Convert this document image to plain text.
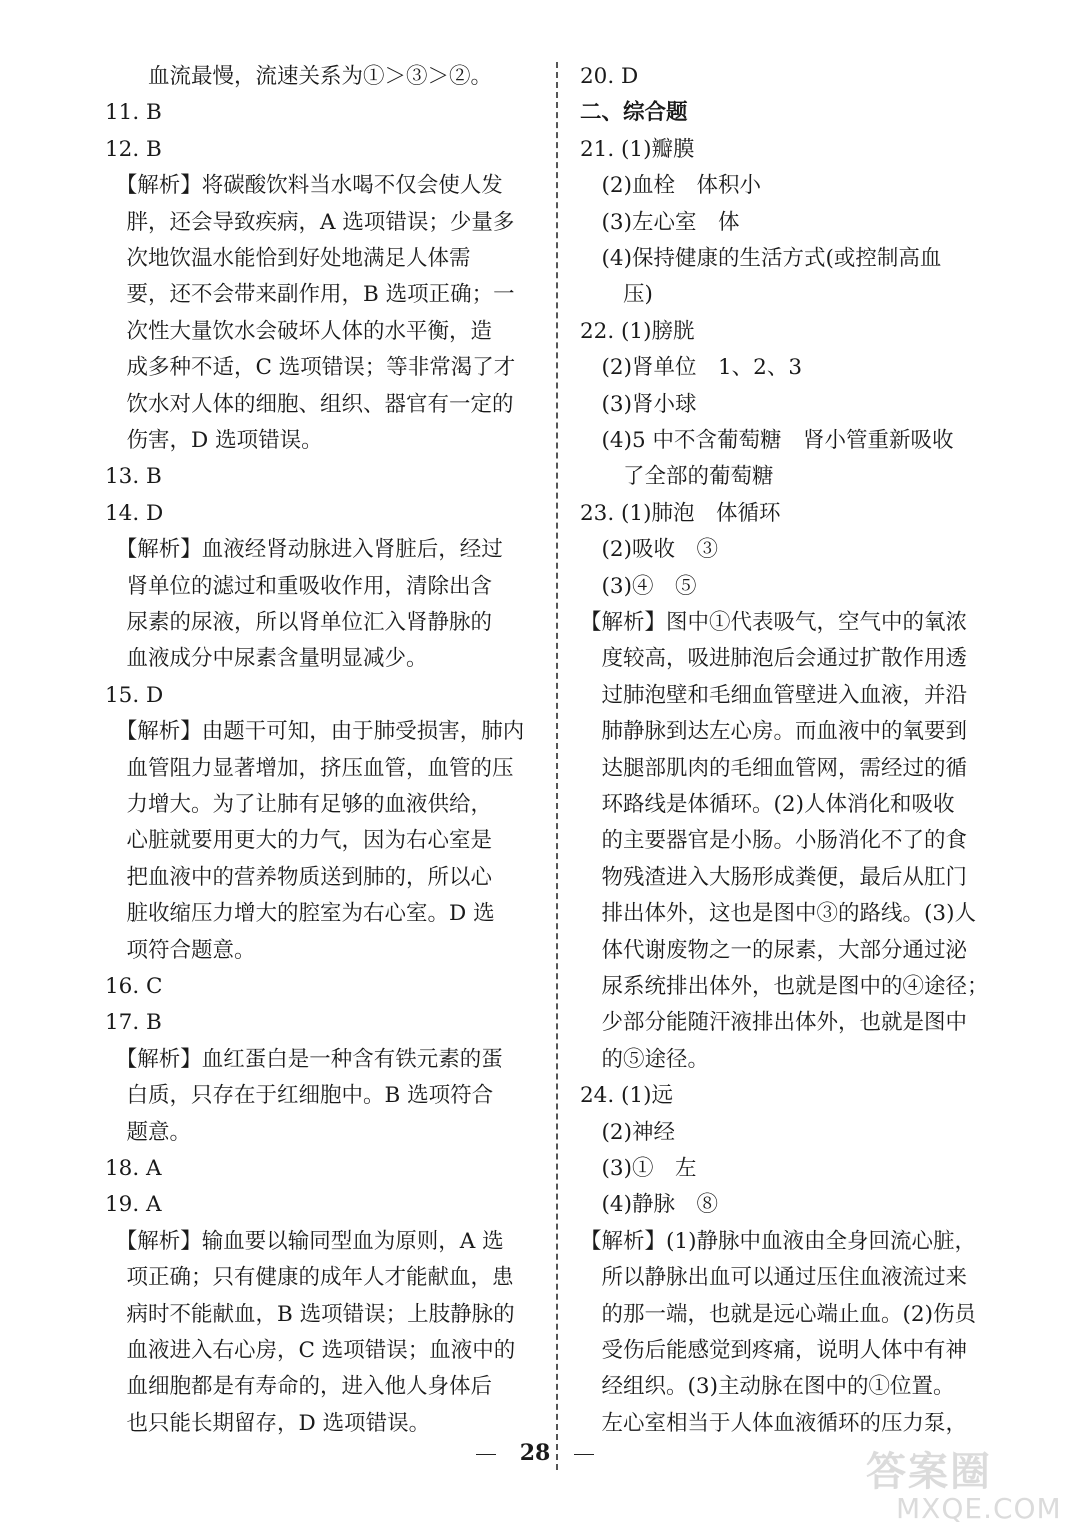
　　血流最慢，流速关系为①＞③＞②。
11. B
12. B
　【解析】将碳酸饮料当水喝不仅会使人发
　胖，还会导致疾病，A 选项错误；少量多
　次地饮温水能恰到好处地满足人体需
　要，还不会带来副作用，B 选项正确；一
　次性大量饮水会破坏人体的水平衡，造
　成多种不适，C 选项错误；等非常渴了才
　饮水对人体的细胞、组织、器官有一定的
　伤害，D 选项错误。
13. B
14. D
　【解析】血液经肾动脉进入肾脏后，经过
　肾单位的滤过和重吸收作用，清除出含
　尿素的尿液，所以肾单位汇入肾静脉的
　血液成分中尿素含量明显减少。
15. D
　【解析】由题干可知，由于肺受损害，肺内
　血管阻力显著增加，挤压血管，血管的压
　力增大。为了让肺有足够的血液供给，
　心脏就要用更大的力气，因为右心室是
　把血液中的营养物质送到肺的，所以心
　脏收缩压力增大的腔室为右心室。D 选
　项符合题意。
16. C
17. B
　【解析】血红蛋白是一种含有铁元素的蛋
　白质，只存在于红细胞中。B 选项符合
　题意。
18. A
19. A
　【解析】输血要以输同型血为原则，A 选
　项正确；只有健康的成年人才能献血，患
　病时不能献血，B 选项错误；上肢静脉的
　血液进入右心房，C 选项错误；血液中的
　血细胞都是有寿命的，进入他人身体后
　也只能长期留存，D 选项错误。
20. D
二、综合题
21. (1)瓣膜
　(2)血栓　体积小
　(3)左心室　体
　(4)保持健康的生活方式(或控制高血
　　压)
22. (1)膀胱
　(2)肾单位　1、2、3
　(3)肾小球
　(4)5 中不含葡萄糖　肾小管重新吸收
　　了全部的葡萄糖
23. (1)肺泡　体循环
　(2)吸收　③
　(3)④　⑤
【解析】图中①代表吸气，空气中的氧浓
　度较高，吸进肺泡后会通过扩散作用透
　过肺泡壁和毛细血管壁进入血液，并沿
　肺静脉到达左心房。而血液中的氧要到
　达腿部肌肉的毛细血管网，需经过的循
　环路线是体循环。(2)人体消化和吸收
　的主要器官是小肠。小肠消化不了的食
　物残渣进入大肠形成粪便，最后从肛门
　排出体外，这也是图中③的路线。(3)人
　体代谢废物之一的尿素，大部分通过泌
　尿系统排出体外，也就是图中的④途径；
　少部分能随汗液排出体外，也就是图中
　的⑤途径。
24. (1)远
　(2)神经
　(3)①　左
　(4)静脉　⑧
【解析】(1)静脉中血液由全身回流心脏，
　所以静脉出血可以通过压住血液流过来
　的那一端，也就是远心端止血。(2)伤员
　受伤后能感觉到疼痛，说明人体中有神
　经组织。(3)主动脉在图中的①位置。
　左心室相当于人体血液循环的压力泵，
28	答案圈
MXQE.COM
